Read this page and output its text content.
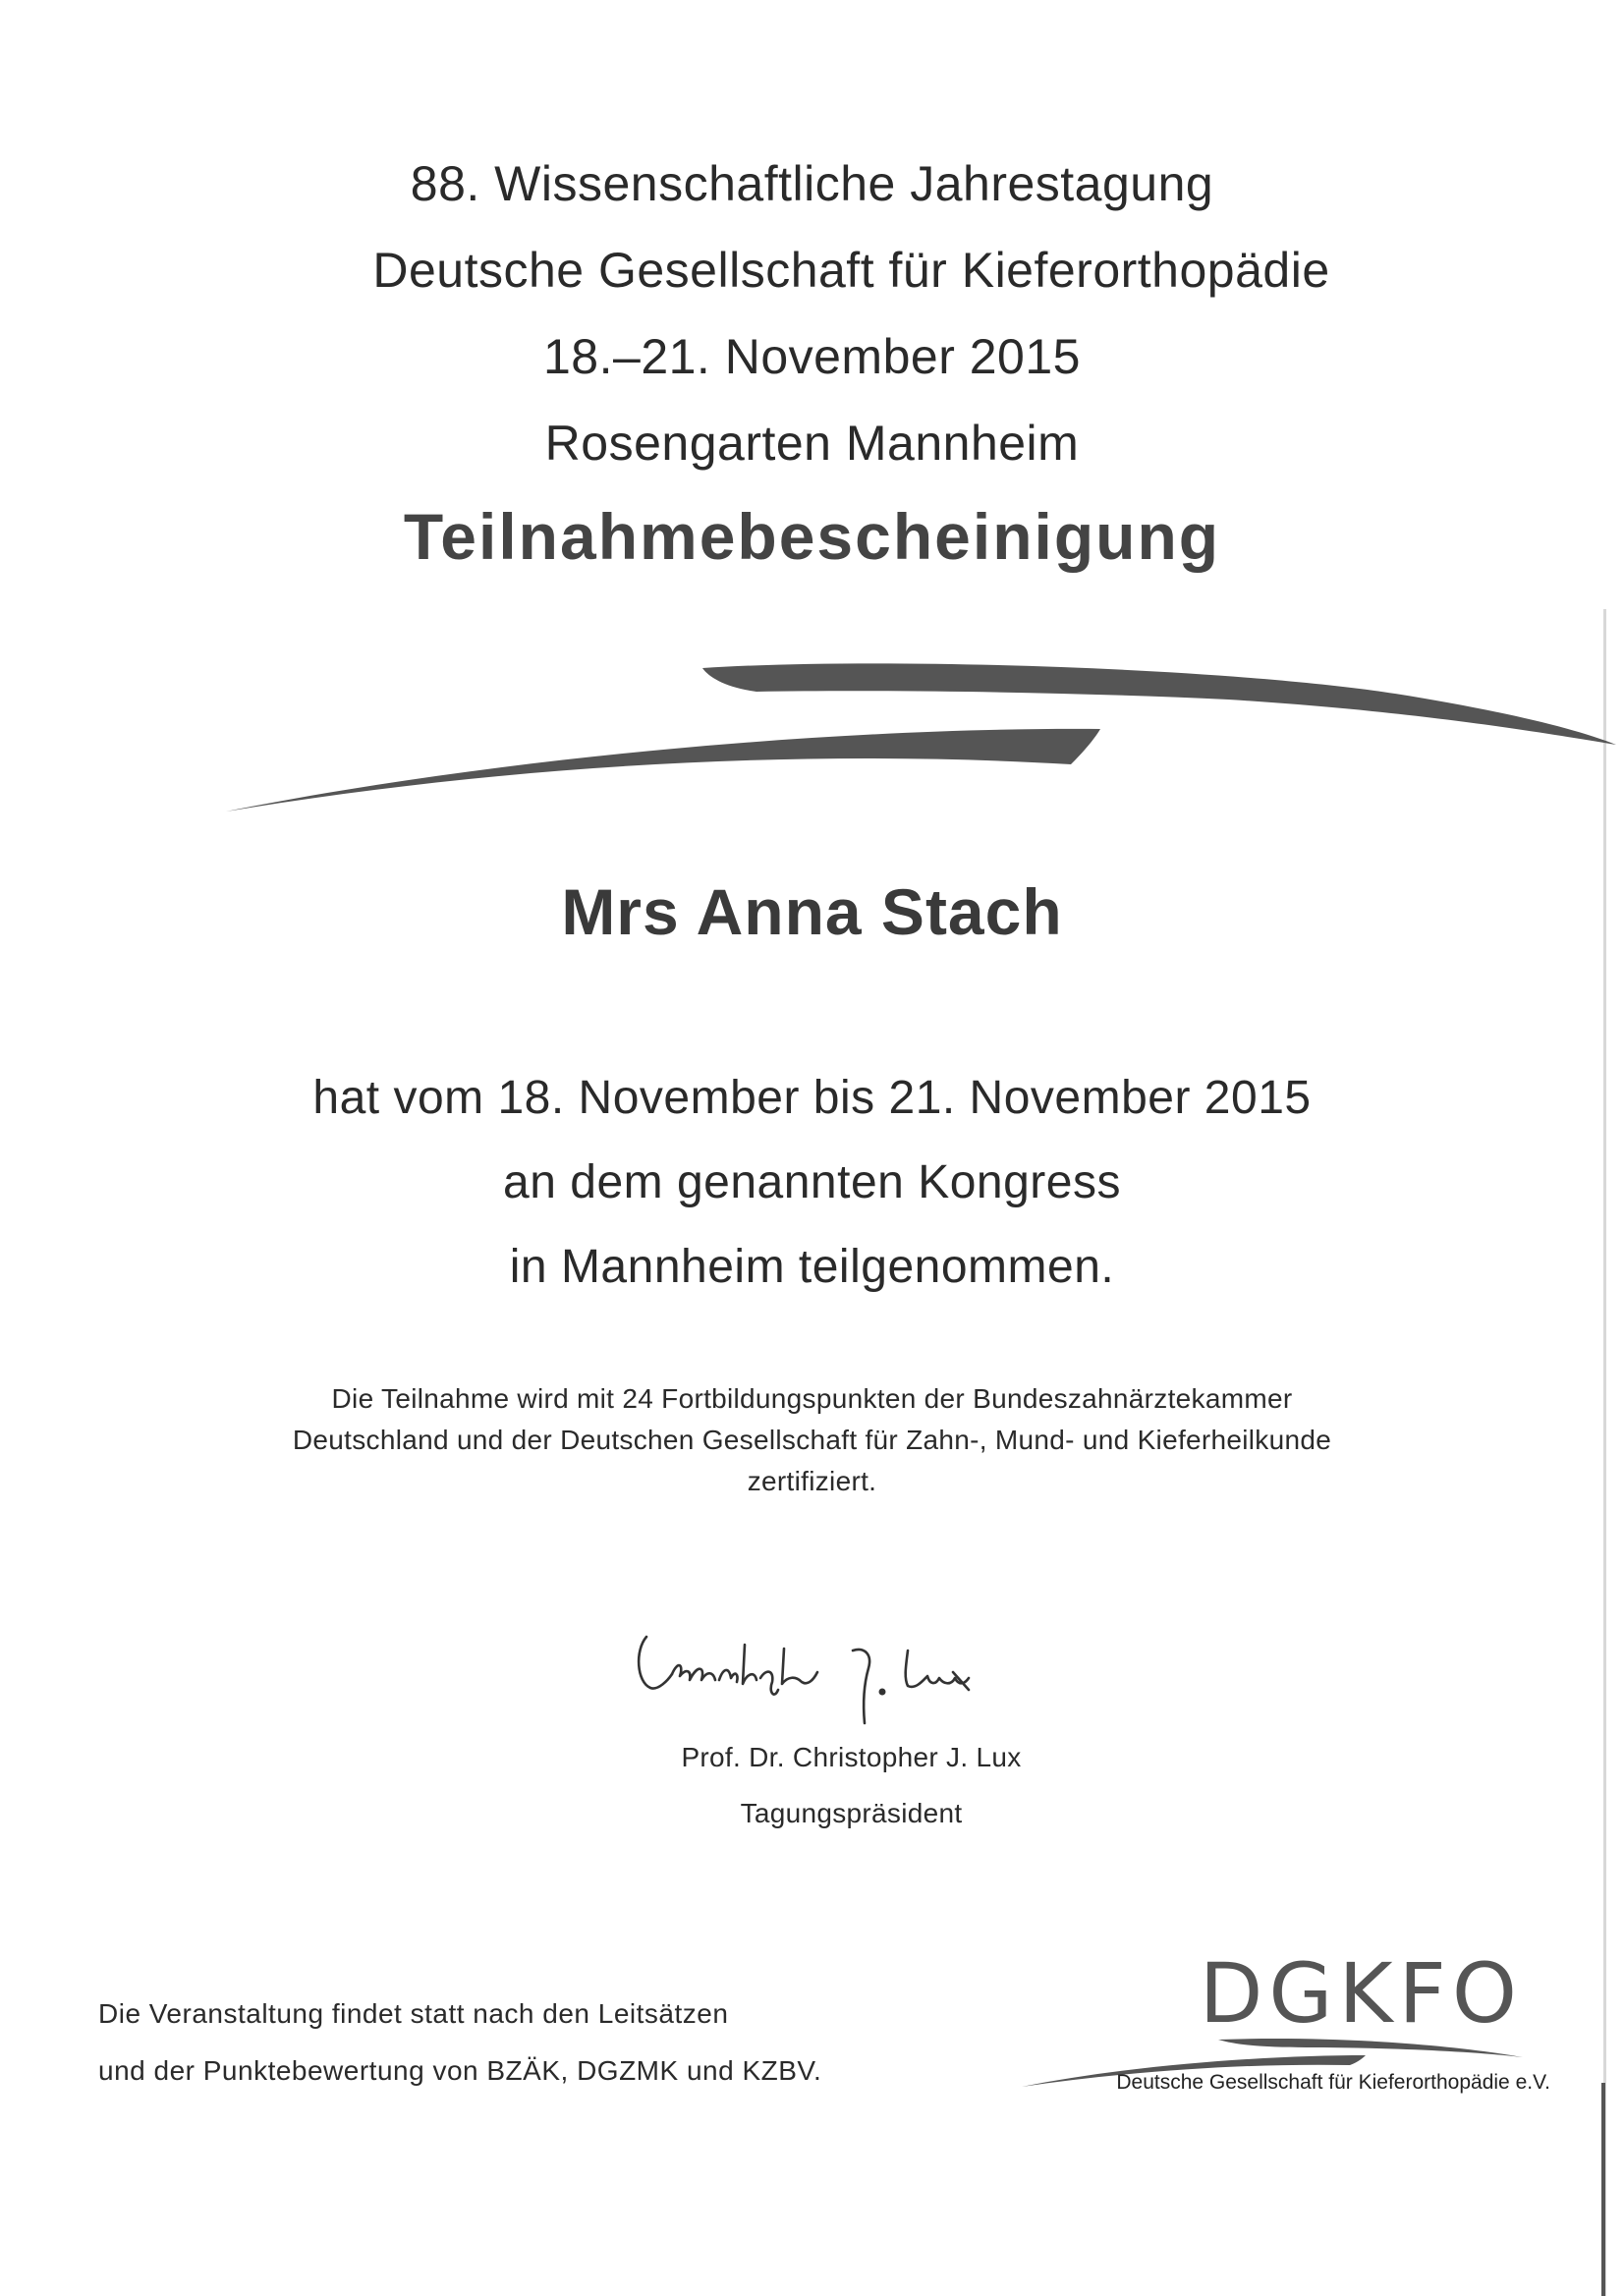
88. Wissenschaftliche Jahrestagung
Deutsche Gesellschaft für Kieferorthopädie
18.–21. November 2015
Rosengarten Mannheim
Teilnahmebescheinigung
Mrs Anna Stach
hat vom 18. November bis 21. November 2015
an dem genannten Kongress
in Mannheim teilgenommen.
Die Teilnahme wird mit 24 Fortbildungspunkten der Bundeszahnärztekammer
Deutschland und der Deutschen Gesellschaft für Zahn-, Mund- und Kieferheilkunde
zertifiziert.
Prof. Dr. Christopher J. Lux
Tagungspräsident
Die Veranstaltung findet statt nach den Leitsätzen
und der Punktebewertung von BZÄK, DGZMK und KZBV.
DGKFO
Deutsche Gesellschaft für Kieferorthopädie e.V.
